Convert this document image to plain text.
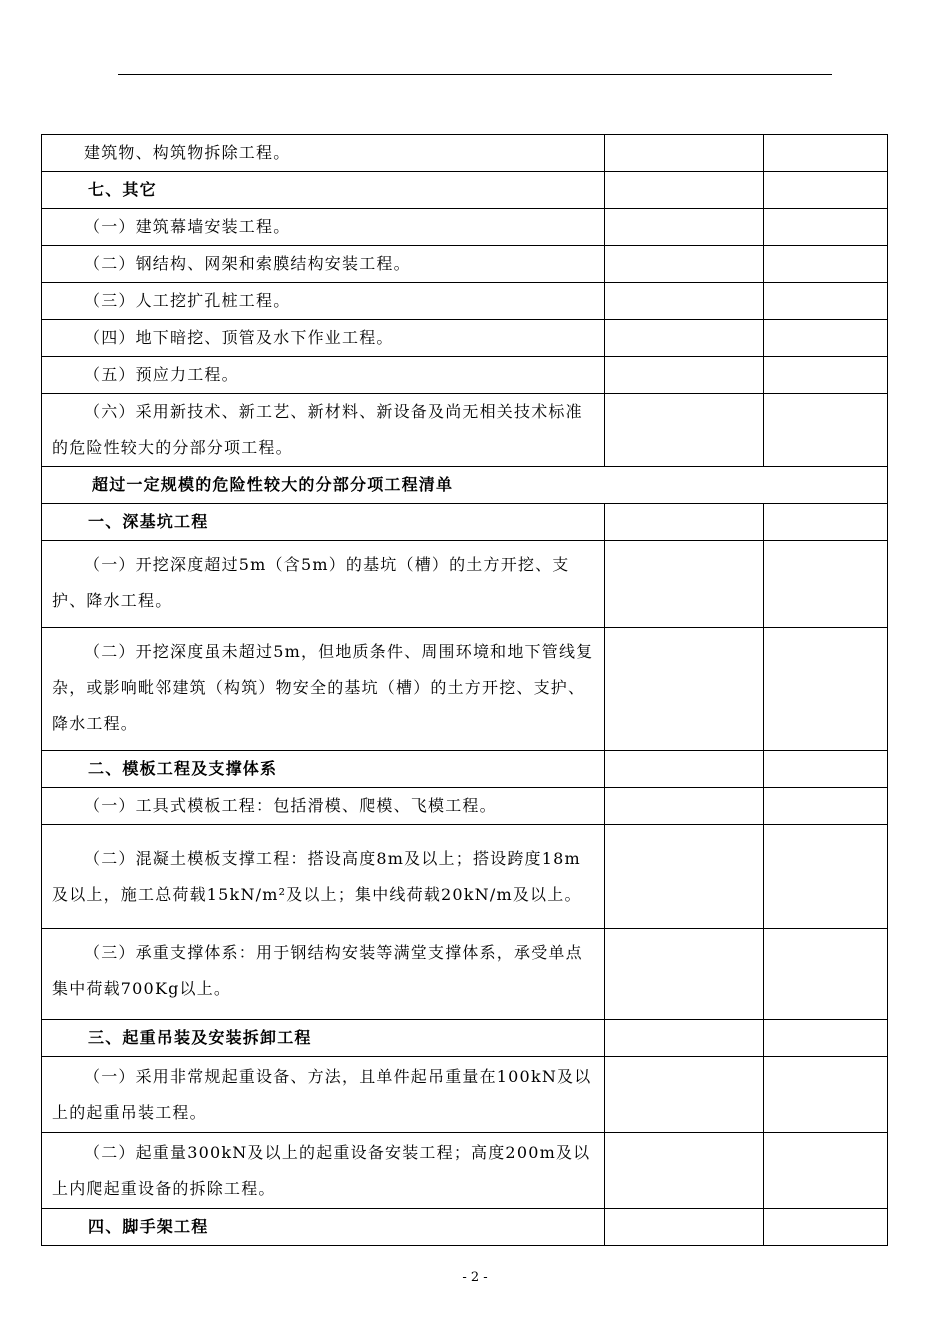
建筑物、构筑物拆除工程。		
七、其它		
（一）建筑幕墙安装工程。		
（二）钢结构、网架和索膜结构安装工程。		
（三）人工挖扩孔桩工程。		
（四）地下暗挖、顶管及水下作业工程。		
（五）预应力工程。		
（六）采用新技术、新工艺、新材料、新设备及尚无相关技术标准的危险性较大的分部分项工程。		
超过一定规模的危险性较大的分部分项工程清单		
一、深基坑工程		
（一）开挖深度超过5m（含5m）的基坑（槽）的土方开挖、支护、降水工程。		
（二）开挖深度虽未超过5m，但地质条件、周围环境和地下管线复杂，或影响毗邻建筑（构筑）物安全的基坑（槽）的土方开挖、支护、降水工程。		
二、模板工程及支撑体系		
（一）工具式模板工程：包括滑模、爬模、飞模工程。		
（二）混凝土模板支撑工程：搭设高度8m及以上；搭设跨度18m及以上，施工总荷载15kN/m²及以上；集中线荷载20kN/m及以上。		
（三）承重支撑体系：用于钢结构安装等满堂支撑体系，承受单点集中荷载700Kg以上。		
三、起重吊装及安装拆卸工程		
（一）采用非常规起重设备、方法，且单件起吊重量在100kN及以上的起重吊装工程。		
（二）起重量300kN及以上的起重设备安装工程；高度200m及以上内爬起重设备的拆除工程。		
四、脚手架工程		
- 2 -
